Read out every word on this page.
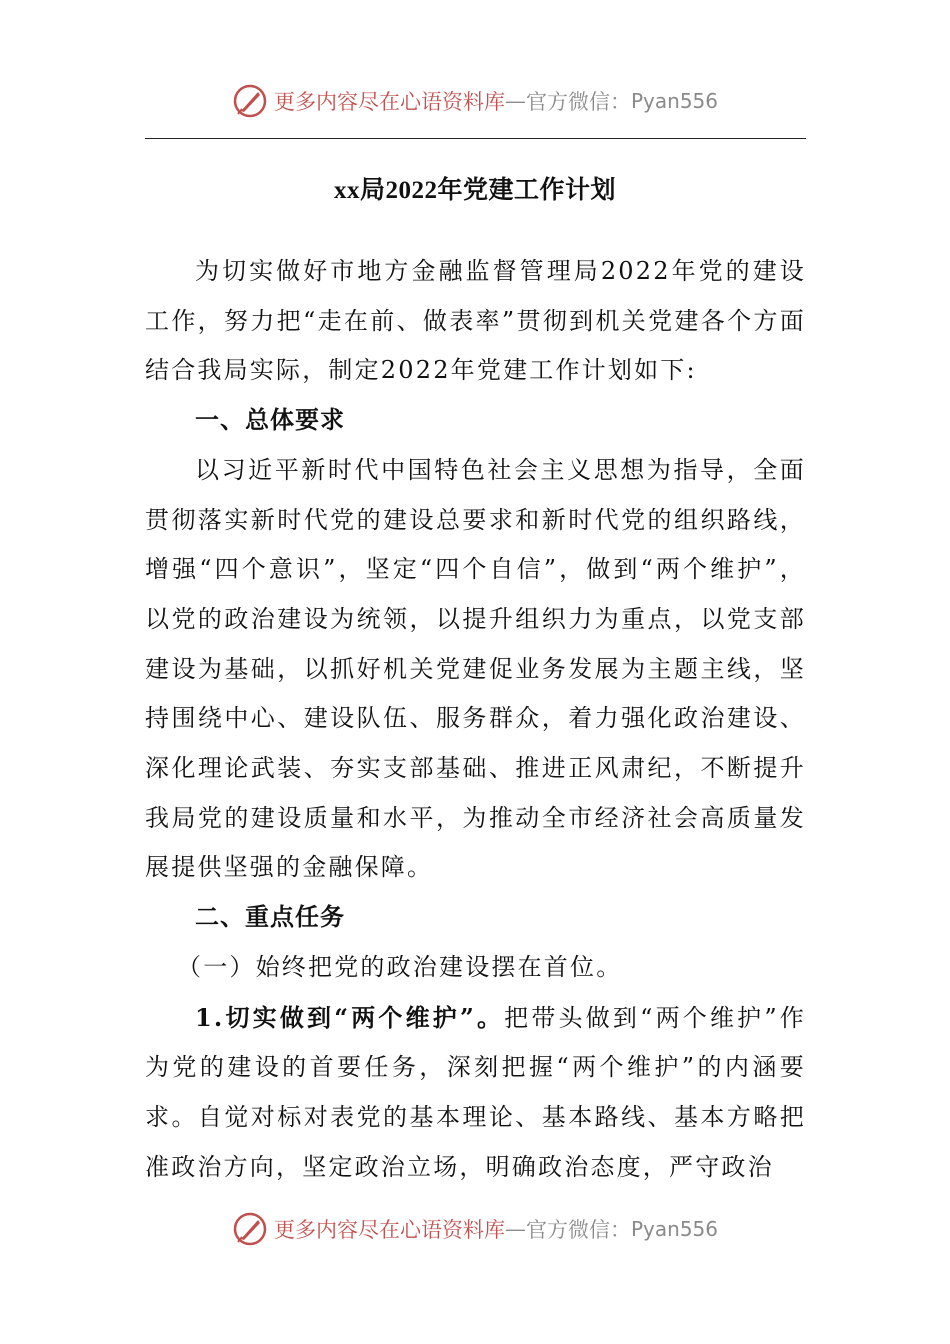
更多内容尽在心语资料库 — 官方微信： Pyan556
xx局2022年党建工作计划

为切实做好市地方金融监督管理局2022年党的建设工作，努力把“走在前、做表率”贯彻到机关党建各个方面结合我局实际，制定2022年党建工作计划如下:

一、总体要求

以习近平新时代中国特色社会主义思想为指导，全面贯彻落实新时代党的建设总要求和新时代党的组织路线，增强“四个意识”，坚定“四个自信”，做到“两个维护”，以党的政治建设为统领，以提升组织力为重点，以党支部建设为基础，以抓好机关党建促业务发展为主题主线，坚持围绕中心、建设队伍、服务群众，着力强化政治建设、深化理论武装、夯实支部基础、推进正风肃纪，不断提升我局党的建设质量和水平，为推动全市经济社会高质量发展提供坚强的金融保障。

二、重点任务

（一）始终把党的政治建设摆在首位。

1.切实做到“两个维护”。把带头做到“两个维护”作为党的建设的首要任务，深刻把握“两个维护”的内涵要求。自觉对标对表党的基本理论、基本路线、基本方略把准政治方向，坚定政治立场，明确政治态度，严守政治

更多内容尽在心语资料库 — 官方微信： Pyan556
